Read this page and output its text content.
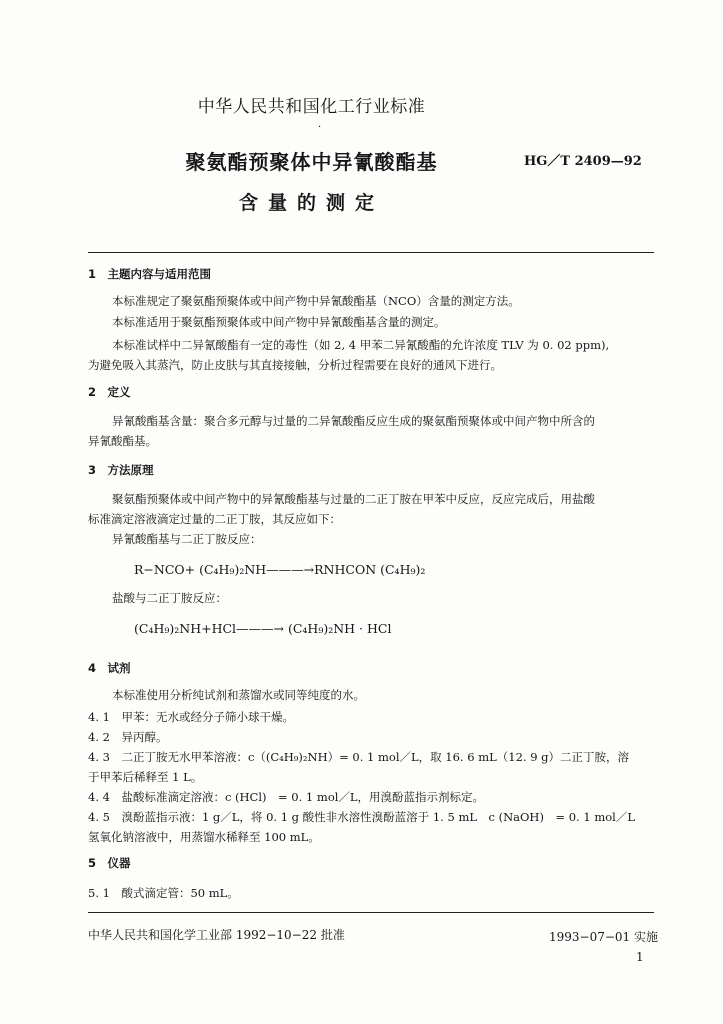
中华人民共和国化工行业标准
·
聚氨酯预聚体中异氰酸酯基	HG／T 2409—92
含量的测定
1　主题内容与适用范围
本标准规定了聚氨酯预聚体或中间产物中异氰酸酯基（NCO）含量的测定方法。
本标准适用于聚氨酯预聚体或中间产物中异氰酸酯基含量的测定。
本标准试样中二异氰酸酯有一定的毒性（如 2, 4 甲苯二异氰酸酯的允许浓度 TLV 为 0. 02 ppm),
为避免吸入其蒸汽，防止皮肤与其直接接触，分析过程需要在良好的通风下进行。
2　定义
异氰酸酯基含量：聚合多元醇与过量的二异氰酸酯反应生成的聚氨酯预聚体或中间产物中所含的
异氰酸酯基。
3　方法原理
聚氨酯预聚体或中间产物中的异氰酸酯基与过量的二正丁胺在甲苯中反应，反应完成后，用盐酸
标准滴定溶液滴定过量的二正丁胺，其反应如下：
异氰酸酯基与二正丁胺反应：
R−NCO+ (C₄H₉)₂NH———→RNHCON (C₄H₉)₂
盐酸与二正丁胺反应：
(C₄H₉)₂NH+HCl———→ (C₄H₉)₂NH · HCl
4　试剂
本标准使用分析纯试剂和蒸馏水或同等纯度的水。
4. 1　甲苯：无水或经分子筛小球干燥。
4. 2　异丙醇。
4. 3　二正丁胺无水甲苯溶液：c（(C₄H₉)₂NH）= 0. 1 mol／L，取 16. 6 mL（12. 9 g）二正丁胺，溶
于甲苯后稀释至 1 L。
4. 4　盐酸标准滴定溶液：c (HCl)　= 0. 1 mol／L，用溴酚蓝指示剂标定。
4. 5　溴酚蓝指示液：1 g／L，将 0. 1 g 酸性非水溶性溴酚蓝溶于 1. 5 mL　c (NaOH)　= 0. 1 mol／L
氢氧化钠溶液中，用蒸馏水稀释至 100 mL。
5　仪器
5. 1　酸式滴定管：50 mL。
中华人民共和国化学工业部 1992−10−22 批准	1993−07−01 实施
1
